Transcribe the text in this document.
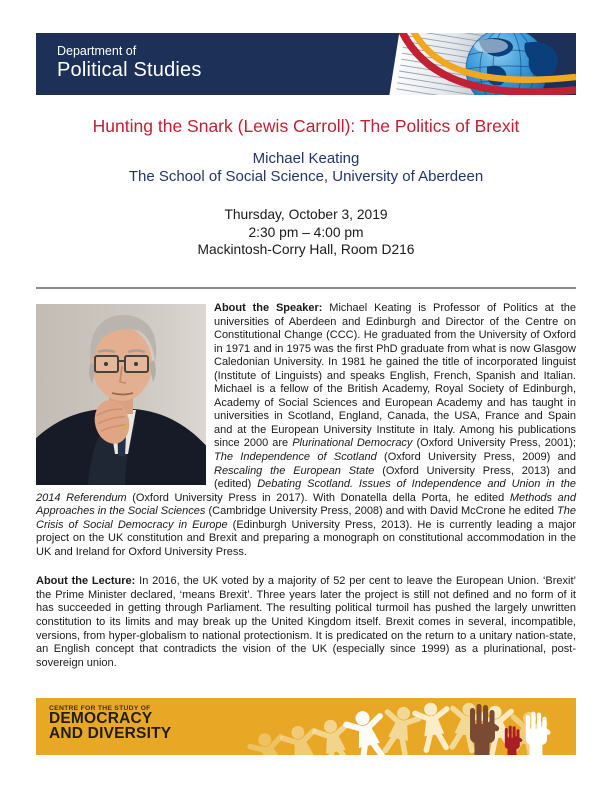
Department of
Political Studies
Hunting the Snark (Lewis Carroll): The Politics of Brexit
Michael Keating
The School of Social Science, University of Aberdeen
Thursday, October 3, 2019
2:30 pm – 4:00 pm
Mackintosh-Corry Hall, Room D216

About the Speaker: Michael Keating is Professor of Politics at the universities of Aberdeen and Edinburgh and Director of the Centre on Constitutional Change (CCC). He graduated from the University of Oxford in 1971 and in 1975 was the first PhD graduate from what is now Glasgow Caledonian University. In 1981 he gained the title of incorporated linguist (Institute of Linguists) and speaks English, French, Spanish and Italian. Michael is a fellow of the British Academy, Royal Society of Edinburgh, Academy of Social Sciences and European Academy and has taught in universities in Scotland, England, Canada, the USA, France and Spain and at the European University Institute in Italy. Among his publications since 2000 are Plurinational Democracy (Oxford University Press, 2001); The Independence of Scotland (Oxford University Press, 2009) and Rescaling the European State (Oxford University Press, 2013) and (edited) Debating Scotland. Issues of Independence and Union in the 2014 Referendum (Oxford University Press in 2017). With Donatella della Porta, he edited Methods and Approaches in the Social Sciences (Cambridge University Press, 2008) and with David McCrone he edited The Crisis of Social Democracy in Europe (Edinburgh University Press, 2013). He is currently leading a major project on the UK constitution and Brexit and preparing a monograph on constitutional accommodation in the UK and Ireland for Oxford University Press.

About the Lecture: In 2016, the UK voted by a majority of 52 per cent to leave the European Union. ‘Brexit’ the Prime Minister declared, ‘means Brexit’. Three years later the project is still not defined and no form of it has succeeded in getting through Parliament. The resulting political turmoil has pushed the largely unwritten constitution to its limits and may break up the United Kingdom itself. Brexit comes in several, incompatible, versions, from hyper-globalism to national protectionism. It is predicated on the return to a unitary nation-state, an English concept that contradicts the vision of the UK (especially since 1999) as a plurinational, post-sovereign union.

CENTRE FOR THE STUDY OF
DEMOCRACY
AND DIVERSITY
